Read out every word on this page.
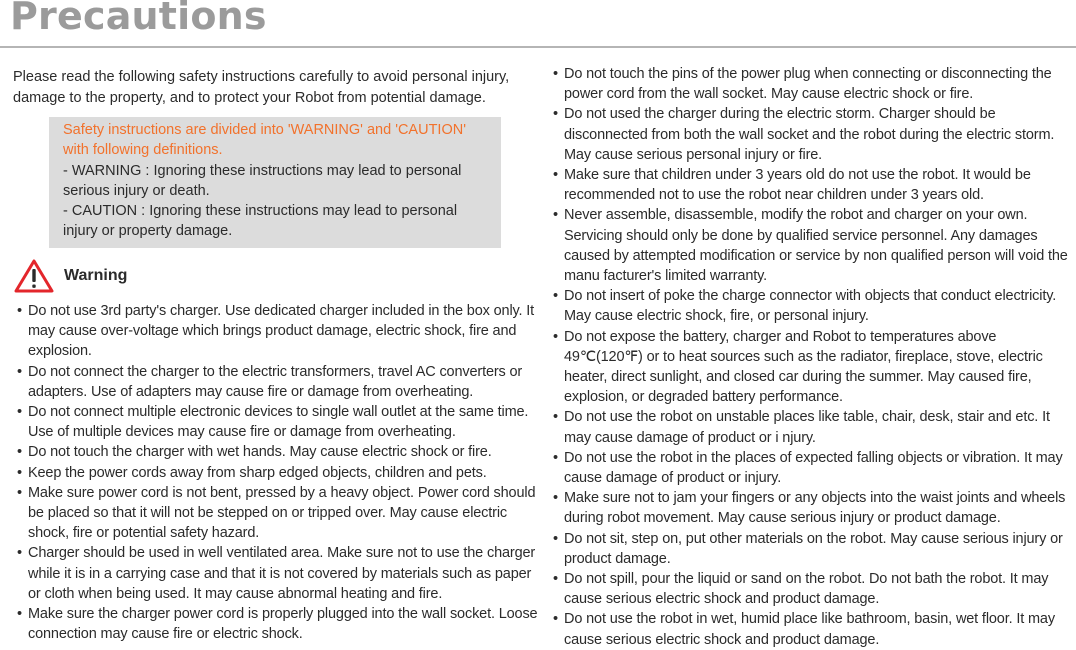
Precautions
Please read the following safety instructions carefully to avoid personal injury, damage to the property, and to protect your Robot from potential damage.
Safety instructions are divided into 'WARNING' and 'CAUTION' with following definitions.
- WARNING : Ignoring these instructions may lead to personal serious injury or death.
- CAUTION : Ignoring these instructions may lead to personal injury or property damage.
Warning
• Do not use 3rd party's charger. Use dedicated charger included in the box only. It may cause over-voltage which brings product damage, electric shock, fire and explosion.
• Do not connect the charger to the electric transformers, travel AC converters or adapters. Use of adapters may cause fire or damage from overheating.
• Do not connect multiple electronic devices to single wall outlet at the same time. Use of multiple devices may cause fire or damage from overheating.
• Do not touch the charger with wet hands. May cause electric shock or fire.
• Keep the power cords away from sharp edged objects, children and pets.
• Make sure power cord is not bent, pressed by a heavy object. Power cord should be placed so that it will not be stepped on or tripped over. May cause electric shock, fire or potential safety hazard.
• Charger should be used in well ventilated area. Make sure not to use the charger while it is in a carrying case and that it is not covered by materials such as paper or cloth when being used. It may cause abnormal heating and fire.
• Make sure the charger power cord is properly plugged into the wall socket. Loose connection may cause fire or electric shock.
• Do not touch the pins of the power plug when connecting or disconnecting the power cord from the wall socket. May cause electric shock or fire.
• Do not used the charger during the electric storm. Charger should be disconnected from both the wall socket and the robot during the electric storm. May cause serious personal injury or fire.
• Make sure that children under 3 years old do not use the robot. It would be recommended not to use the robot near children under 3 years old.
• Never assemble, disassemble, modify the robot and charger on your own. Servicing should only be done by qualified service personnel. Any damages caused by attempted modification or service by non qualified person will void the manu facturer's limited warranty.
• Do not insert of poke the charge connector with objects that conduct electricity. May cause electric shock, fire, or personal injury.
• Do not expose the battery, charger and Robot to temperatures above 49℃(120℉) or to heat sources such as the radiator, fireplace, stove, electric heater, direct sunlight, and closed car during the summer. May caused fire, explosion, or degraded battery performance.
• Do not use the robot on unstable places like table, chair, desk, stair and etc. It may cause damage of product or i njury.
• Do not use the robot in the places of expected falling objects or vibration. It may cause damage of product or injury.
• Make sure not to jam your fingers or any objects into the waist joints and wheels during robot movement. May cause serious injury or product damage.
• Do not sit, step on, put other materials on the robot. May cause serious injury or product damage.
• Do not spill, pour the liquid or sand on the robot. Do not bath the robot. It may cause serious electric shock and product damage.
• Do not use the robot in wet, humid place like bathroom, basin, wet floor. It may cause serious electric shock and product damage.
